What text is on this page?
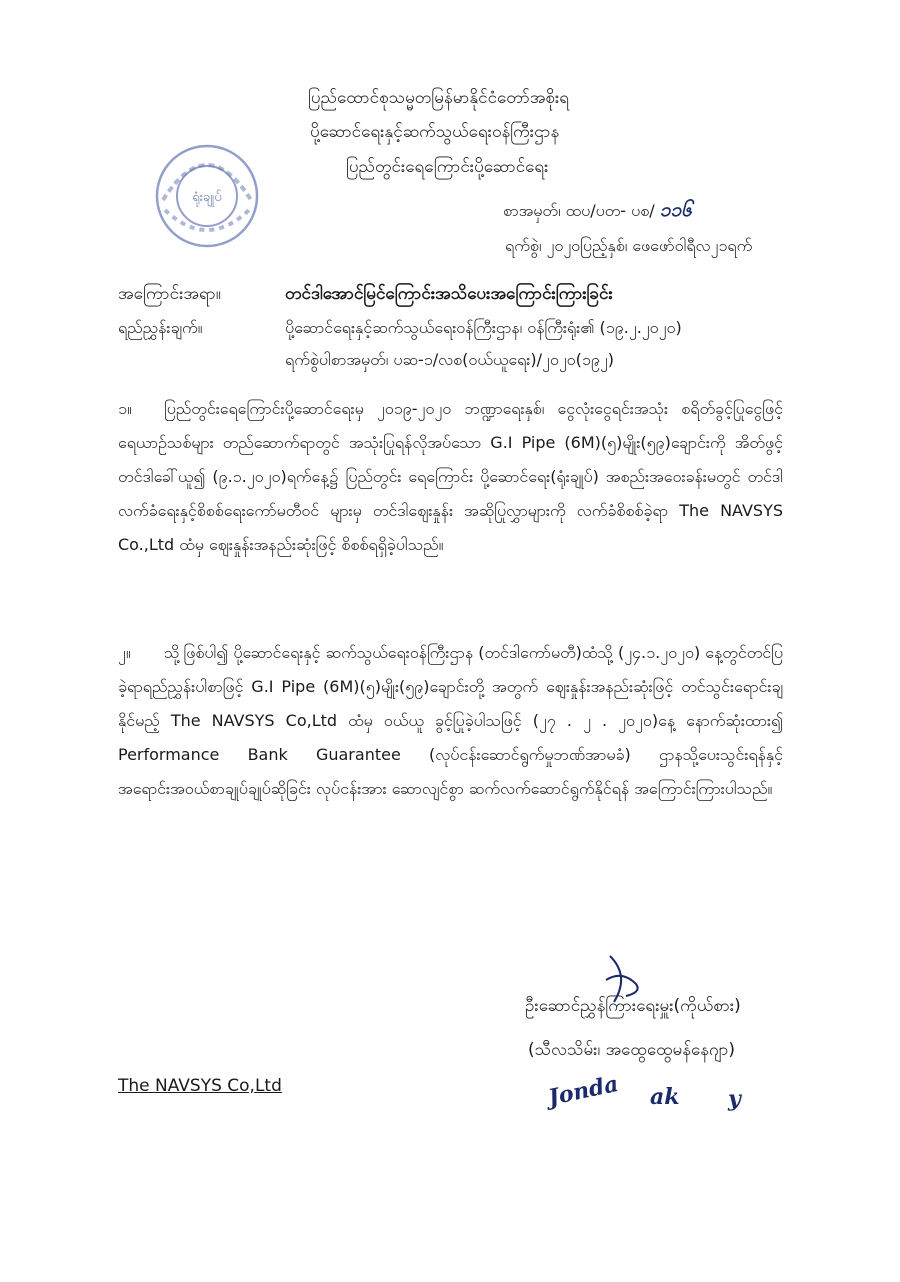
ရုံးချုပ်
ပြည်ထောင်စုသမ္မတမြန်မာနိုင်ငံတော်အစိုးရ
ပို့ဆောင်ရေးနှင့်ဆက်သွယ်ရေးဝန်ကြီးဌာန
ပြည်တွင်းရေကြောင်းပို့ဆောင်ရေး
စာအမှတ်၊ ထပ/ပတ- ပစ/ ၁၁၆
ရက်စွဲ၊ ၂၀၂၀ပြည့်နှစ်၊ ဖေဖော်ဝါရီလ၂၁ရက်
အကြောင်းအရာ။	တင်ဒါအောင်မြင်ကြောင်းအသိပေးအကြောင်းကြားခြင်း
ရည်ညွှန်းချက်။	ပို့ဆောင်ရေးနှင့်ဆက်သွယ်ရေးဝန်ကြီးဌာန၊ ဝန်ကြီးရုံး၏ (၁၉.၂.၂၀၂၀)
ရက်စွဲပါစာအမှတ်၊ ပဆ-၁/လစ(ဝယ်ယူရေး)/၂၀၂၀(၁၉၂)
၁။ ပြည်တွင်းရေကြောင်းပို့ဆောင်ရေးမှ ၂၀၁၉-၂၀၂၀ ဘဏ္ဍာရေးနှစ်၊ ငွေလုံးငွေရင်းအသုံး စရိတ်ခွင့်ပြုငွေဖြင့် ရေယာဉ်သစ်များ တည်ဆောက်ရာတွင် အသုံးပြုရန်လိုအပ်သော G.I Pipe (6M)(၅)မျိုး(၅၉)ချောင်းကို အိတ်ဖွင့်တင်ဒါခေါ်ယူ၍ (၉.၁.၂၀၂၀)ရက်နေ့၌ ပြည်တွင်း ရေကြောင်း ပို့ဆောင်ရေး(ရုံးချုပ်) အစည်းအဝေးခန်းမတွင် တင်ဒါလက်ခံရေးနှင့်စိစစ်ရေးကော်မတီဝင် များမှ တင်ဒါဈေးနှုန်း အဆိုပြုလွှာများကို လက်ခံစိစစ်ခဲ့ရာ The NAVSYS Co.,Ltd ထံမှ ဈေးနှုန်းအနည်းဆုံးဖြင့် စိစစ်ရရှိခဲ့ပါသည်။
၂။ သို့ဖြစ်ပါ၍ ပို့ဆောင်ရေးနှင့် ဆက်သွယ်ရေးဝန်ကြီးဌာန (တင်ဒါကော်မတီ)ထံသို့ (၂၄.၁.၂၀၂၀) နေ့တွင်တင်ပြခဲ့ရာရည်ညွှန်းပါစာဖြင့် G.I Pipe (6M)(၅)မျိုး(၅၉)ချောင်းတို့ အတွက် ဈေးနှုန်းအနည်းဆုံးဖြင့် တင်သွင်းရောင်းချနိုင်မည့် The NAVSYS Co,Ltd ထံမှ ဝယ်ယူ ခွင့်ပြုခဲ့ပါသဖြင့် (၂၇ . ၂ . ၂၀၂၀)နေ့ နောက်ဆုံးထား၍ Performance Bank Guarantee (လုပ်ငန်းဆောင်ရွက်မှုဘဏ်အာမခံ) ဌာနသို့ပေးသွင်းရန်နှင့် အရောင်းအဝယ်စာချုပ်ချုပ်ဆိုခြင်း လုပ်ငန်းအား ဆောလျင်စွာ ဆက်လက်ဆောင်ရွက်နိုင်ရန် အကြောင်းကြားပါသည်။
ဦးဆောင်ညွှန်ကြားရေးမှူး(ကိုယ်စား)
(သီလသိမ်း၊ အထွေထွေမန်နေဂျာ)
The NAVSYS Co,Ltd	Jonda ak y
